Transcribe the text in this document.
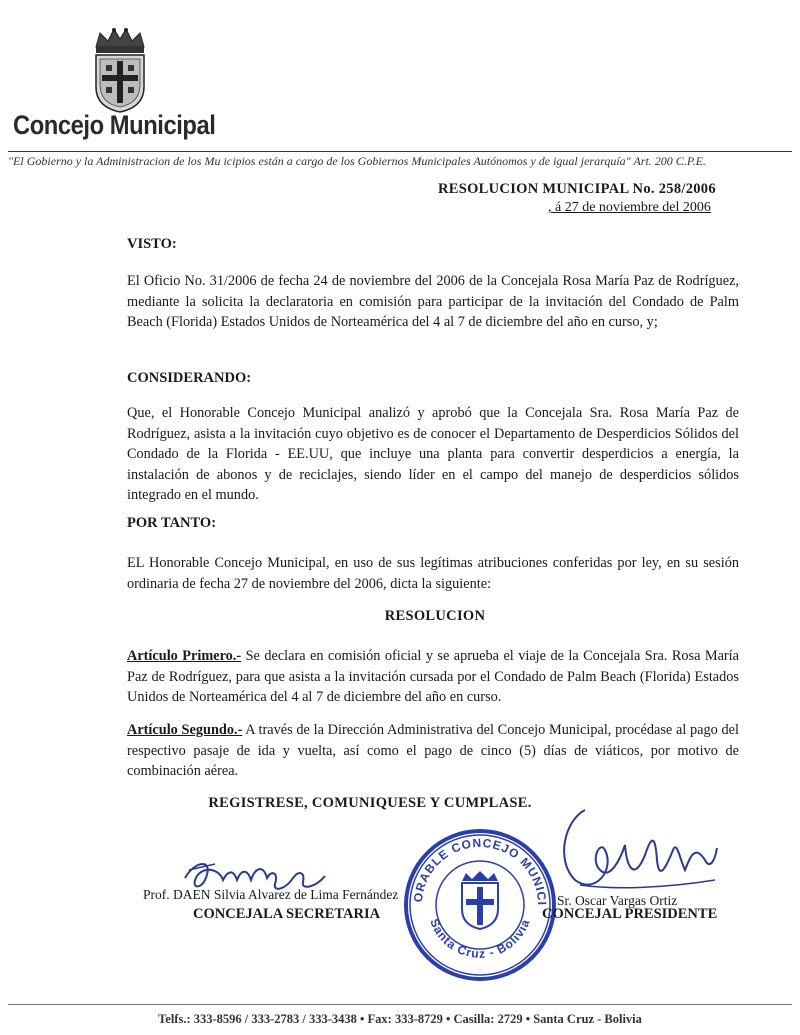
Concejo Municipal
"El Gobierno y la Administracion de los Mu icipios están a cargo de los Gobiernos Municipales Autónomos y de igual jerarquía" Art. 200 C.P.E.
RESOLUCION MUNICIPAL No. 258/2006
, á 27 de noviembre del 2006
VISTO:
El Oficio No. 31/2006 de fecha 24 de noviembre del 2006 de la Concejala Rosa María Paz de Rodríguez, mediante la solicita la declaratoria en comisión para participar de la invitación del Condado de Palm Beach (Florida) Estados Unidos de Norteamérica del 4 al 7 de diciembre del año en curso, y;
CONSIDERANDO:
Que, el Honorable Concejo Municipal analizó y aprobó que la Concejala Sra. Rosa María Paz de Rodríguez, asista a la invitación cuyo objetivo es de conocer el Departamento de Desperdicios Sólidos del Condado de la Florida - EE.UU, que incluye una planta para convertir desperdicios a energía, la instalación de abonos y de reciclajes, siendo líder en el campo del manejo de desperdicios sólidos integrado en el mundo.
POR TANTO:
EL Honorable Concejo Municipal, en uso de sus legítimas atribuciones conferidas por ley, en su sesión ordinaria de fecha 27 de noviembre del 2006, dicta la siguiente:
RESOLUCION
Artículo Primero.- Se declara en comisión oficial y se aprueba el viaje de la Concejala Sra. Rosa María Paz de Rodríguez, para que asista a la invitación cursada por el Condado de Palm Beach (Florida) Estados Unidos de Norteamérica del 4 al 7 de diciembre del año en curso.
Artículo Segundo.- A través de la Dirección Administrativa del Concejo Municipal, procédase al pago del respectivo pasaje de ida y vuelta, así como el pago de cinco (5) días de viáticos, por motivo de combinación aérea.
REGISTRESE, COMUNIQUESE Y CUMPLASE.
Prof. DAEN Silvia Alvarez de Lima Fernández
CONCEJALA SECRETARIA
ORABLE CONCEJO MUNICI
Santa Cruz - Bolivia
Sr. Oscar Vargas Ortiz
CONCEJAL PRESIDENTE
Telfs.: 333-8596 / 333-2783 / 333-3438 • Fax: 333-8729 • Casilla: 2729 • Santa Cruz - Bolivia
